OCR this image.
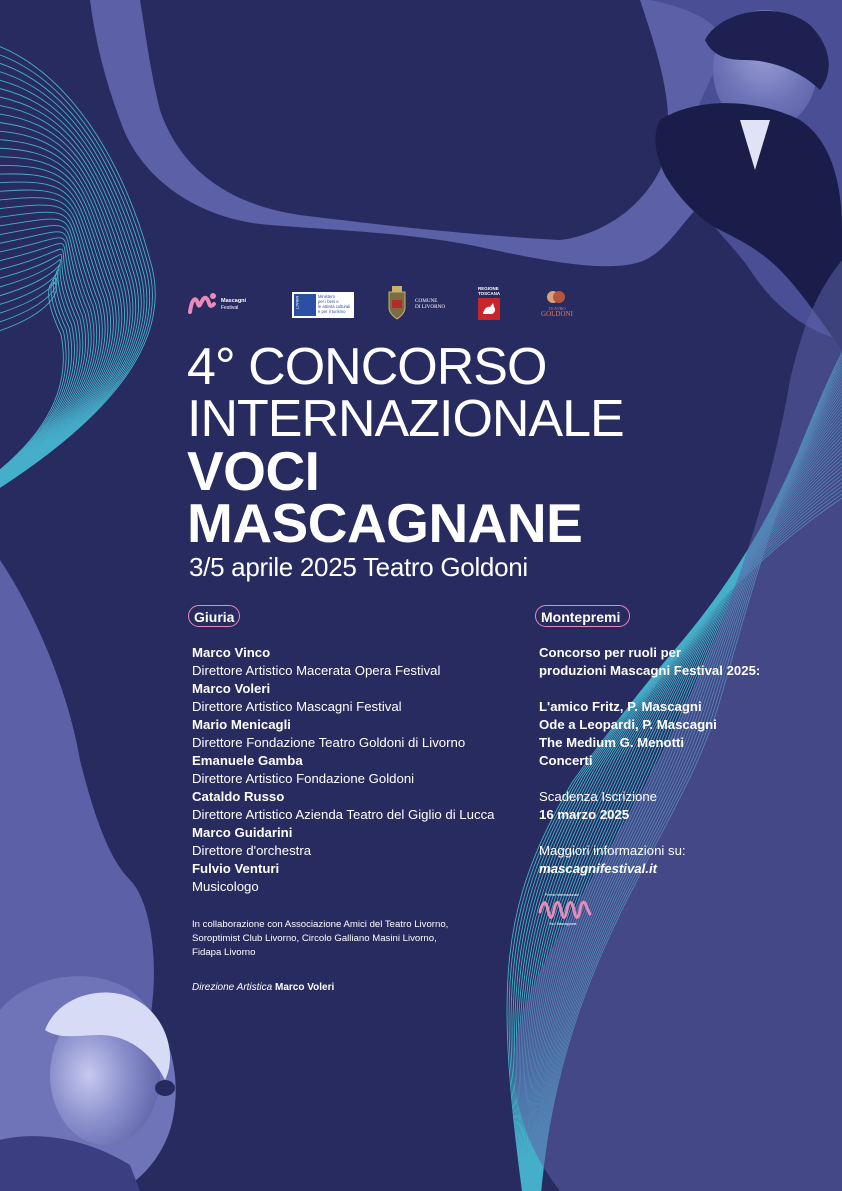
Mascagni
Festival
Ministero
per i beni e
le attività culturali
e per il turismo
MIBACT	COMUNE
DI LIVORNO
REGIONE
TOSCANA
TEATRO
GOLDONI
4° CONCORSO
INTERNAZIONALE
VOCI
MASCAGNANE
3/5 aprile 2025 Teatro Goldoni
Giuria
Marco Vinco
Direttore Artistico Macerata Opera Festival
Marco Voleri
Direttore Artistico Mascagni Festival
Mario Menicagli
Direttore Fondazione Teatro Goldoni di Livorno
Emanuele Gamba
Direttore Artistico Fondazione Goldoni
Cataldo Russo
Direttore Artistico Azienda Teatro del Giglio di Lucca
Marco Guidarini
Direttore d'orchestra
Fulvio Venturi
Musicologo
Montepremi
Concorso per ruoli per
produzioni Mascagni Festival 2025:
L'amico Fritz, P. Mascagni
Ode a Leopardi, P. Mascagni
The Medium G. Menotti
Concerti
Scadenza Iscrizione
16 marzo 2025
Maggiori informazioni su:
mascagnifestival.it
Premio Internazionale
Voci Mascagnane
In collaborazione con Associazione Amici del Teatro Livorno,
Soroptimist Club Livorno, Circolo Galliano Masini Livorno,
Fidapa Livorno
Direzione Artistica Marco Voleri
